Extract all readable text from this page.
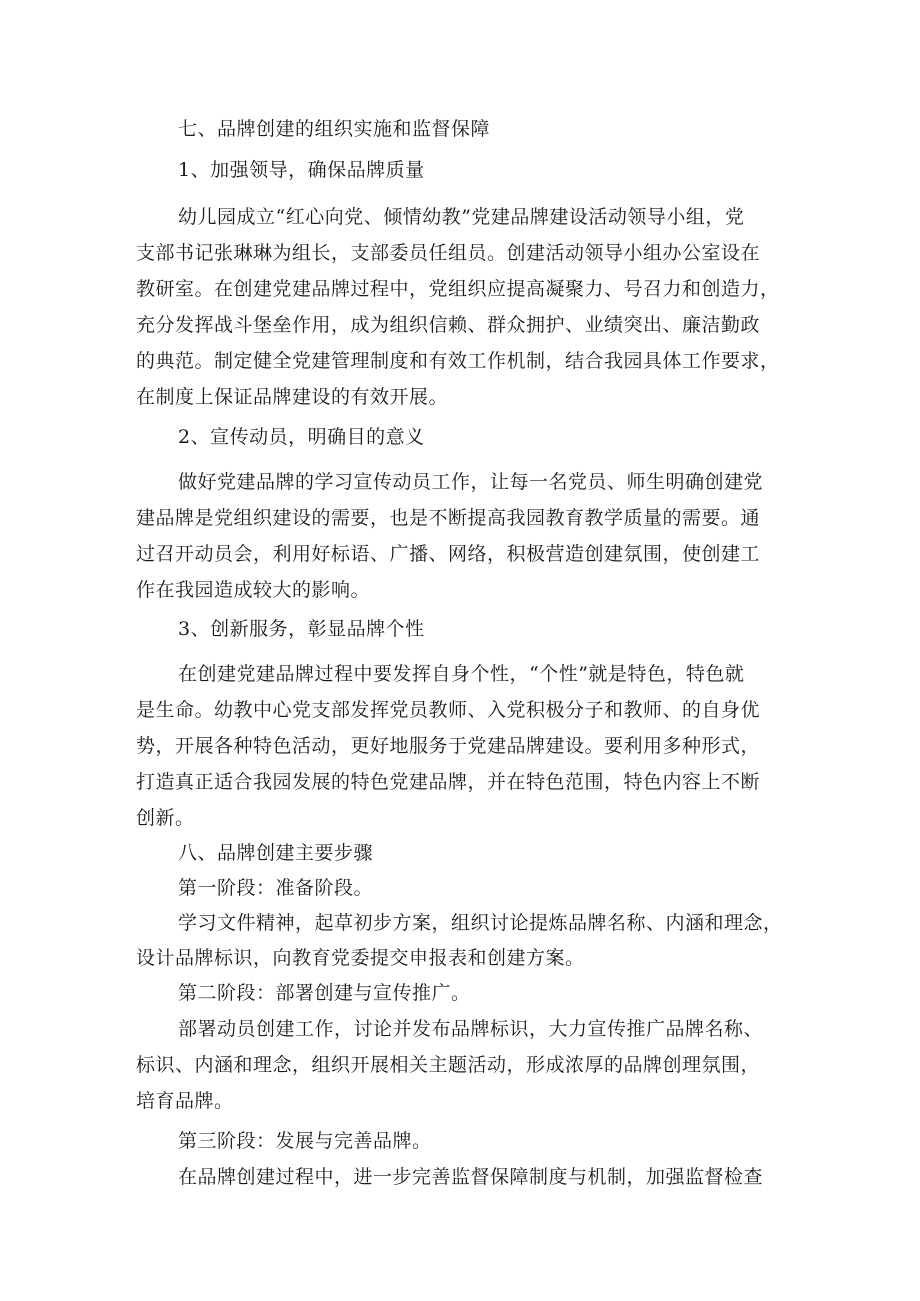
七、品牌创建的组织实施和监督保障
1、加强领导，确保品牌质量
幼儿园成立“红心向党、倾情幼教”党建品牌建设活动领导小组，党
支部书记张琳琳为组长，支部委员任组员。创建活动领导小组办公室设在
教研室。在创建党建品牌过程中，党组织应提高凝聚力、号召力和创造力，
充分发挥战斗堡垒作用，成为组织信赖、群众拥护、业绩突出、廉洁勤政
的典范。制定健全党建管理制度和有效工作机制，结合我园具体工作要求，
在制度上保证品牌建设的有效开展。
2、宣传动员，明确目的意义
做好党建品牌的学习宣传动员工作，让每一名党员、师生明确创建党
建品牌是党组织建设的需要，也是不断提高我园教育教学质量的需要。通
过召开动员会，利用好标语、广播、网络，积极营造创建氛围，使创建工
作在我园造成较大的影响。
3、创新服务，彰显品牌个性
在创建党建品牌过程中要发挥自身个性，“个性”就是特色，特色就
是生命。幼教中心党支部发挥党员教师、入党积极分子和教师、的自身优
势，开展各种特色活动，更好地服务于党建品牌建设。要利用多种形式，
打造真正适合我园发展的特色党建品牌，并在特色范围，特色内容上不断
创新。
八、品牌创建主要步骤
第一阶段：准备阶段。
学习文件精神，起草初步方案，组织讨论提炼品牌名称、内涵和理念，
设计品牌标识，向教育党委提交申报表和创建方案。
第二阶段：部署创建与宣传推广。
部署动员创建工作，讨论并发布品牌标识，大力宣传推广品牌名称、
标识、内涵和理念，组织开展相关主题活动，形成浓厚的品牌创理氛围，
培育品牌。
第三阶段：发展与完善品牌。
在品牌创建过程中，进一步完善监督保障制度与机制，加强监督检查
